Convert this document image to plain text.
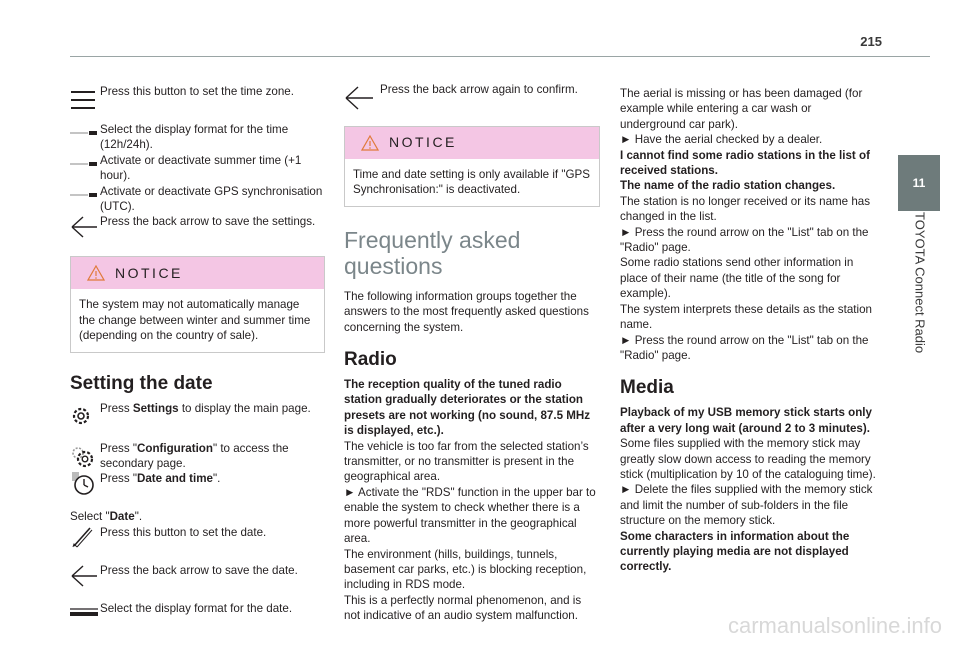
215
11
TOYOTA Connect Radio
Press this button to set the time zone.
Select the display format for the time (12h/24h).
Activate or deactivate summer time (+1 hour).
Activate or deactivate GPS synchronisation (UTC).
Press the back arrow to save the settings.
NOTICE
The system may not automatically manage the change between winter and summer time (depending on the country of sale).
Setting the date
Press Settings to display the main page.
Press "Configuration" to access the secondary page.
Press "Date and time".
Select "Date".
Press this button to set the date.
Press the back arrow to save the date.
Select the display format for the date.
Press the back arrow again to confirm.
NOTICE
Time and date setting is only available if "GPS Synchronisation:" is deactivated.
Frequently asked questions
The following information groups together the answers to the most frequently asked questions concerning the system.
Radio
The reception quality of the tuned radio station gradually deteriorates or the station presets are not working (no sound, 87.5 MHz is displayed, etc.).
The vehicle is too far from the selected station’s transmitter, or no transmitter is present in the geographical area.
► Activate the "RDS" function in the upper bar to enable the system to check whether there is a more powerful transmitter in the geographical area.
The environment (hills, buildings, tunnels, basement car parks, etc.) is blocking reception, including in RDS mode.
This is a perfectly normal phenomenon, and is not indicative of an audio system malfunction.
The aerial is missing or has been damaged (for example while entering a car wash or underground car park).
► Have the aerial checked by a dealer.
I cannot find some radio stations in the list of received stations.
The name of the radio station changes.
The station is no longer received or its name has changed in the list.
► Press the round arrow on the "List" tab on the "Radio" page.
Some radio stations send other information in place of their name (the title of the song for example).
The system interprets these details as the station name.
► Press the round arrow on the "List" tab on the "Radio" page.
Media
Playback of my USB memory stick starts only after a very long wait (around 2 to 3 minutes).
Some files supplied with the memory stick may greatly slow down access to reading the memory stick (multiplication by 10 of the cataloguing time).
► Delete the files supplied with the memory stick and limit the number of sub-folders in the file structure on the memory stick.
Some characters in information about the currently playing media are not displayed correctly.
carmanualsonline.info
